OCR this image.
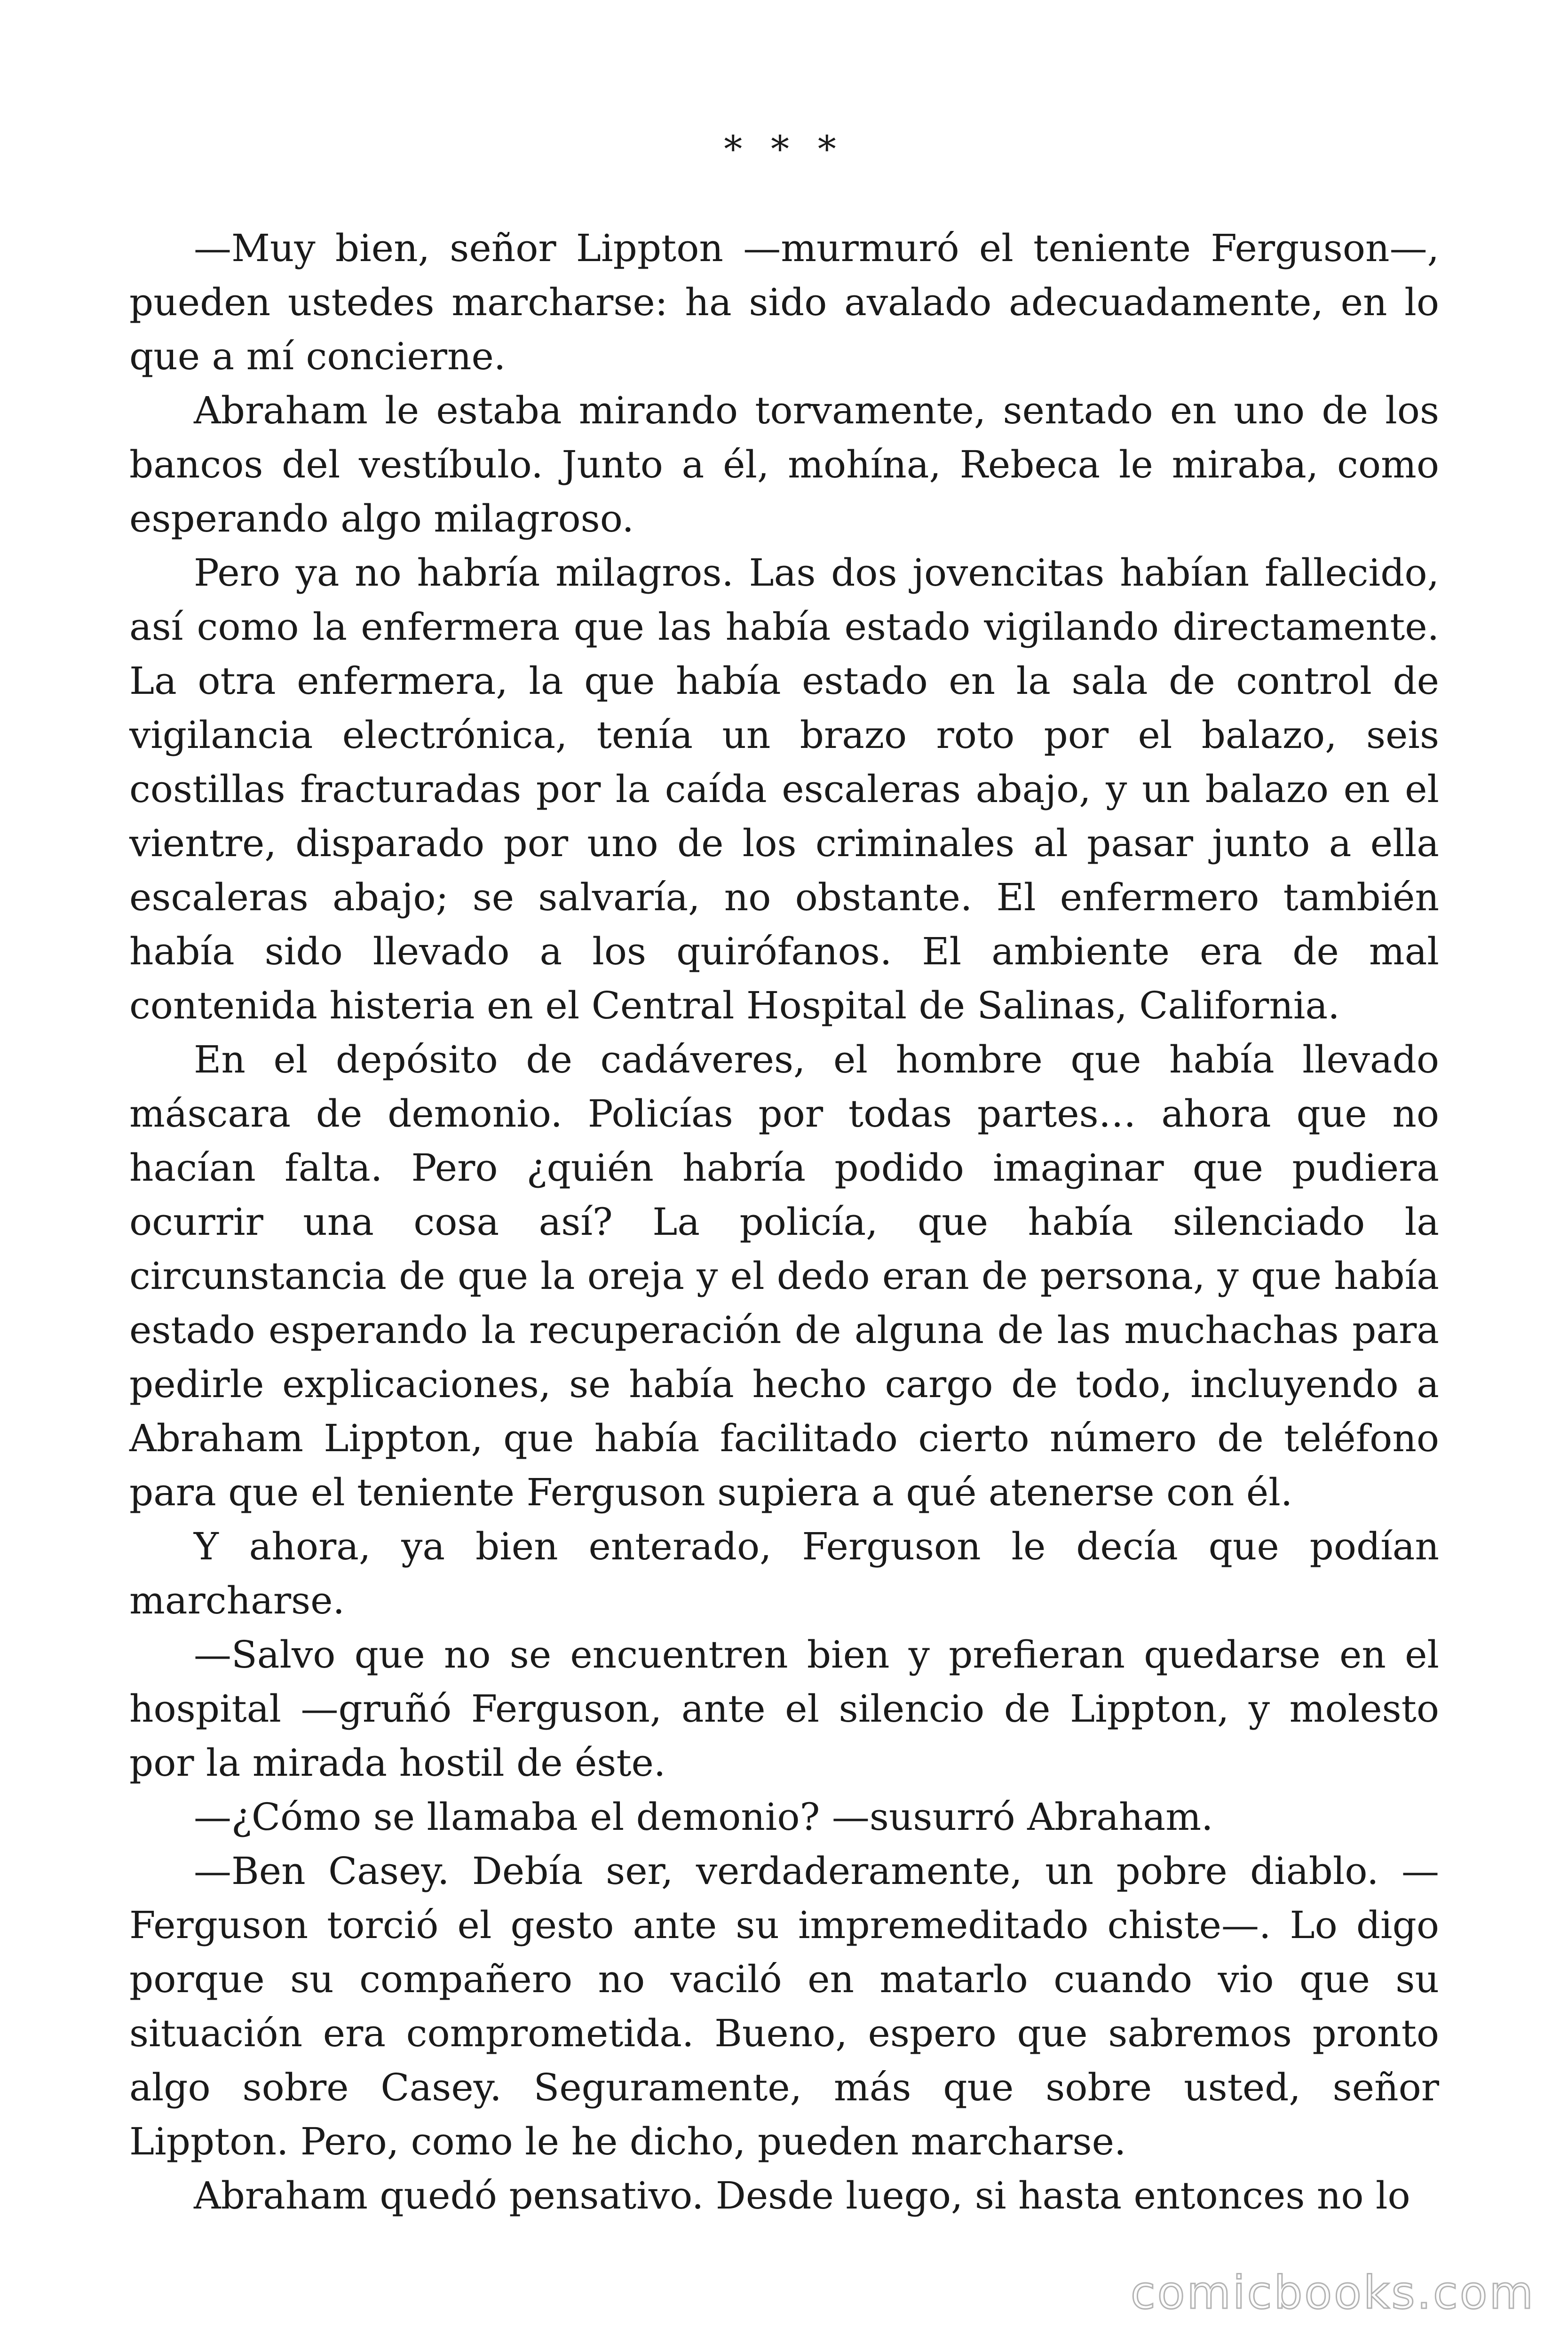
* * *

—Muy bien, señor Lippton —murmuró el teniente Ferguson—, pueden ustedes marcharse: ha sido avalado adecuadamente, en lo que a mí concierne.

Abraham le estaba mirando torvamente, sentado en uno de los bancos del vestíbulo. Junto a él, mohína, Rebeca le miraba, como esperando algo milagroso.

Pero ya no habría milagros. Las dos jovencitas habían fallecido, así como la enfermera que las había estado vigilando directamente. La otra enfermera, la que había estado en la sala de control de vigilancia electrónica, tenía un brazo roto por el balazo, seis costillas fracturadas por la caída escaleras abajo, y un balazo en el vientre, disparado por uno de los criminales al pasar junto a ella escaleras abajo; se salvaría, no obstante. El enfermero también había sido llevado a los quirófanos. El ambiente era de mal contenida histeria en el Central Hospital de Salinas, California.

En el depósito de cadáveres, el hombre que había llevado máscara de demonio. Policías por todas partes… ahora que no hacían falta. Pero ¿quién habría podido imaginar que pudiera ocurrir una cosa así? La policía, que había silenciado la circunstancia de que la oreja y el dedo eran de persona, y que había estado esperando la recuperación de alguna de las muchachas para pedirle explicaciones, se había hecho cargo de todo, incluyendo a Abraham Lippton, que había facilitado cierto número de teléfono para que el teniente Ferguson supiera a qué atenerse con él.

Y ahora, ya bien enterado, Ferguson le decía que podían marcharse.

—Salvo que no se encuentren bien y prefieran quedarse en el hospital —gruñó Ferguson, ante el silencio de Lippton, y molesto por la mirada hostil de éste.

—¿Cómo se llamaba el demonio? —susurró Abraham.

—Ben Casey. Debía ser, verdaderamente, un pobre diablo. —Ferguson torció el gesto ante su impremeditado chiste—. Lo digo porque su compañero no vaciló en matarlo cuando vio que su situación era comprometida. Bueno, espero que sabremos pronto algo sobre Casey. Seguramente, más que sobre usted, señor Lippton. Pero, como le he dicho, pueden marcharse.

Abraham quedó pensativo. Desde luego, si hasta entonces no lo

comicbooks.com
